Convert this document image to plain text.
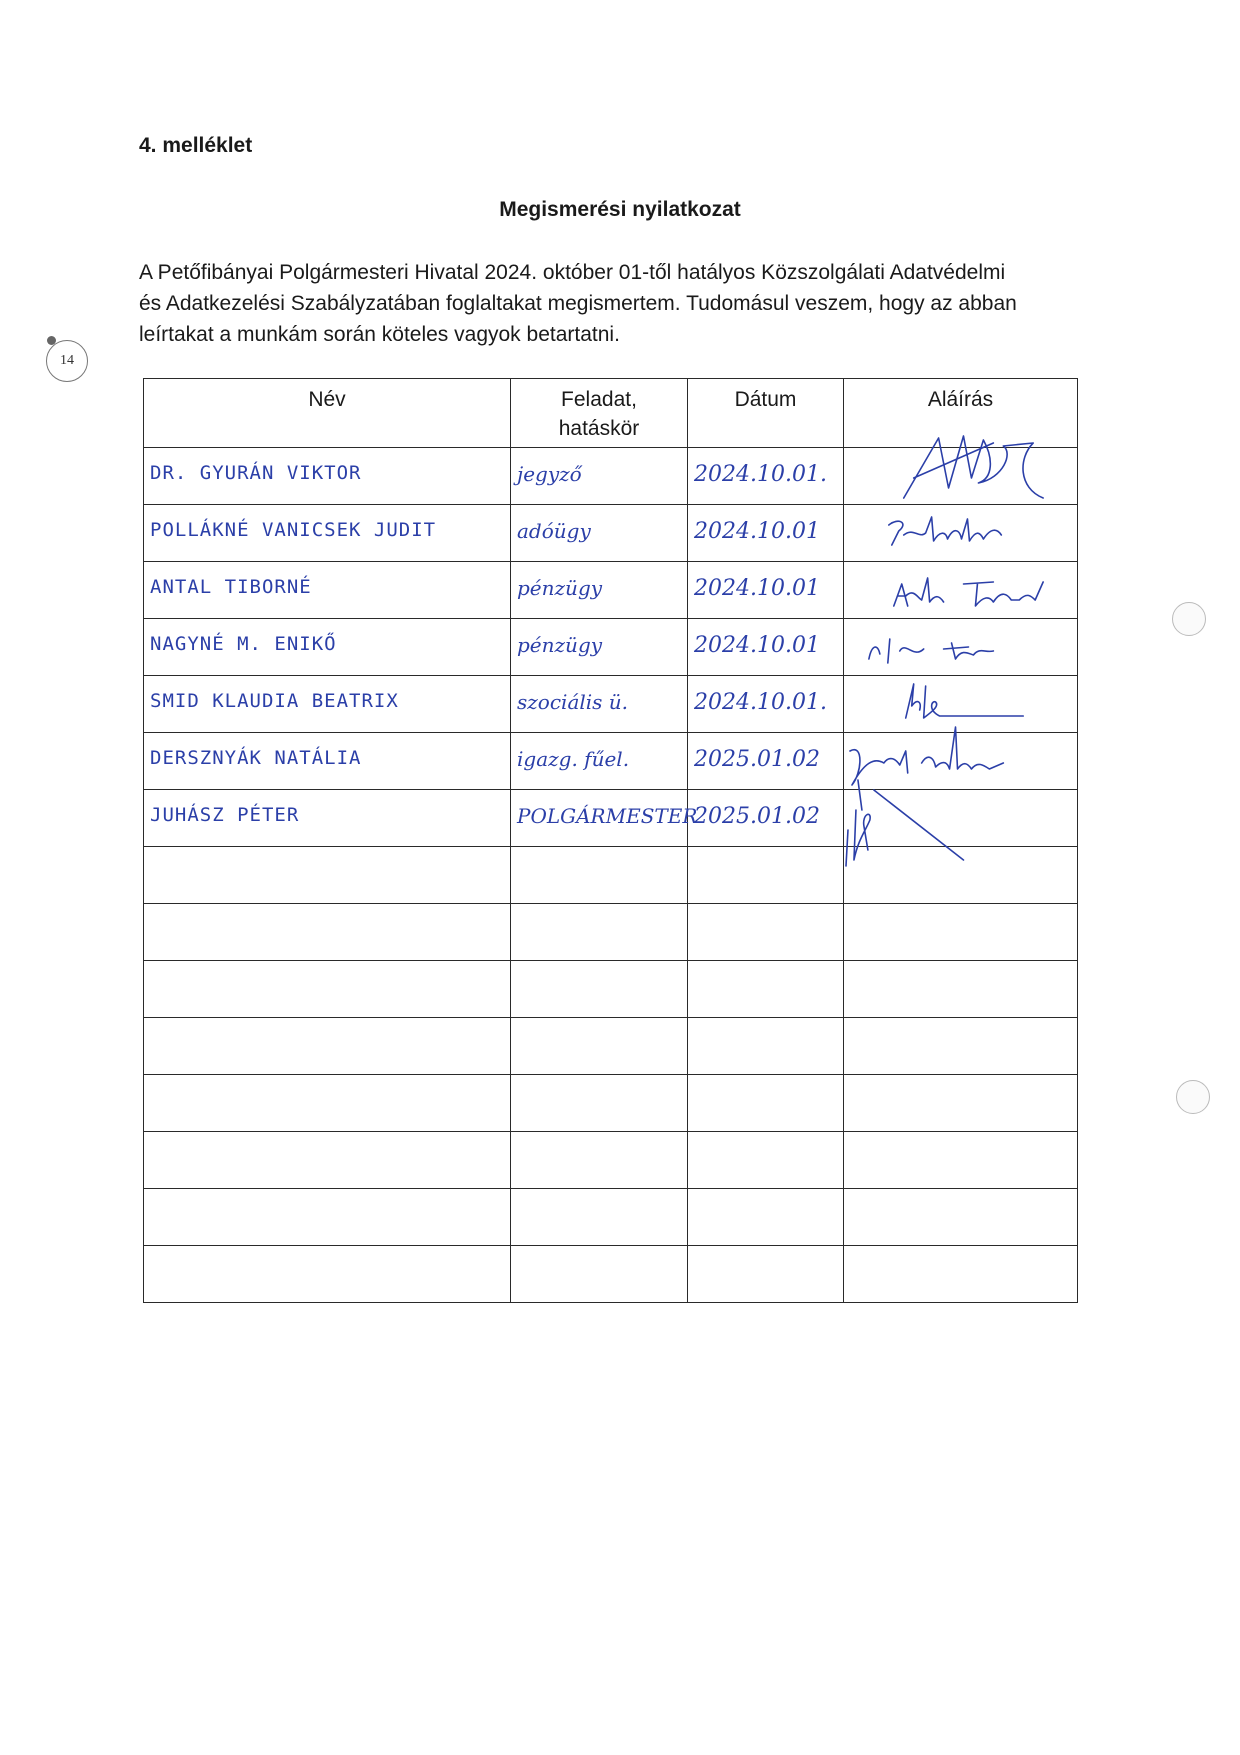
4. melléklet
Megismerési nyilatkozat

A Petőfibányai Polgármesteri Hivatal 2024. október 01-től hatályos Közszolgálati Adatvédelmi

és Adatkezelési Szabályzatában foglaltakat megismertem. Tudomásul veszem, hogy az abban

leírtakat a munkám során köteles vagyok betartatni.

14
Név	Feladat,
hatáskör	Dátum	Aláírás

DR. GYURÁN VIKTOR	jegyző	2024.10.01.

POLLÁKNÉ VANICSEK JUDIT	adóügy	2024.10.01

ANTAL TIBORNÉ	pénzügy	2024.10.01

NAGYNÉ M. ENIKŐ	pénzügy	2024.10.01

SMID KLAUDIA BEATRIX	szociális ü.	2024.10.01.

DERSZNYÁK NATÁLIA	igazg. fűel.	2025.01.02

JUHÁSZ PÉTER	POLGÁRMESTER	2025.01.02
